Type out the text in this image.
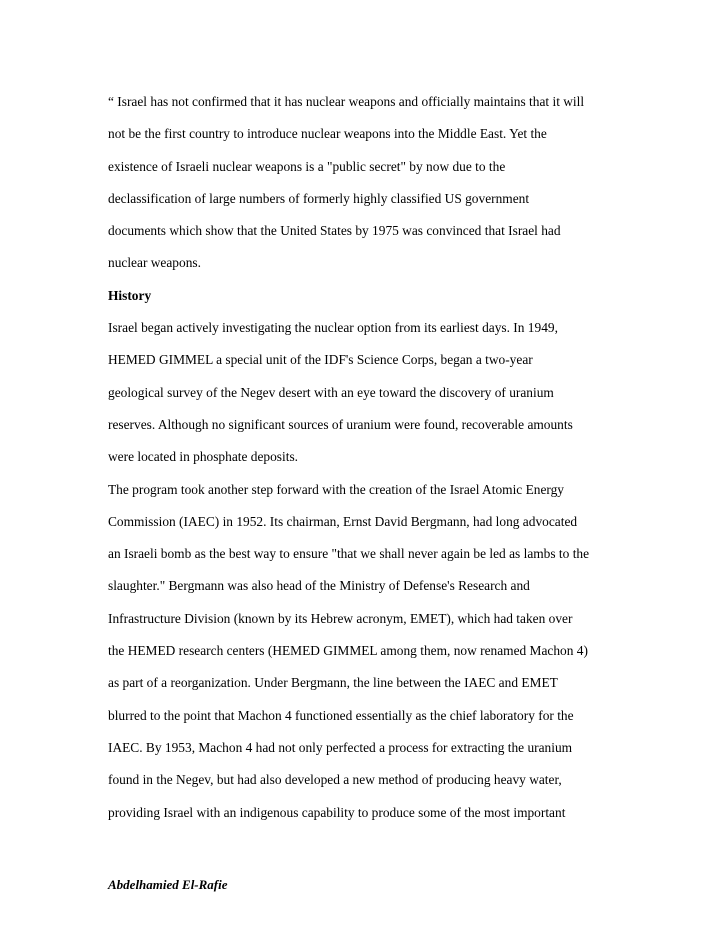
“ Israel has not confirmed that it has nuclear weapons and officially maintains that it will
not be the first country to introduce nuclear weapons into the Middle East. Yet the
existence of Israeli nuclear weapons is a "public secret" by now due to the
declassification of large numbers of formerly highly classified US government
documents which show that the United States by 1975 was convinced that Israel had
nuclear weapons.
History
Israel began actively investigating the nuclear option from its earliest days. In 1949,
HEMED GIMMEL a special unit of the IDF's Science Corps, began a two-year
geological survey of the Negev desert with an eye toward the discovery of uranium
reserves. Although no significant sources of uranium were found, recoverable amounts
were located in phosphate deposits.
The program took another step forward with the creation of the Israel Atomic Energy
Commission (IAEC) in 1952. Its chairman, Ernst David Bergmann, had long advocated
an Israeli bomb as the best way to ensure "that we shall never again be led as lambs to the
slaughter." Bergmann was also head of the Ministry of Defense's Research and
Infrastructure Division (known by its Hebrew acronym, EMET), which had taken over
the HEMED research centers (HEMED GIMMEL among them, now renamed Machon 4)
as part of a reorganization. Under Bergmann, the line between the IAEC and EMET
blurred to the point that Machon 4 functioned essentially as the chief laboratory for the
IAEC. By 1953, Machon 4 had not only perfected a process for extracting the uranium
found in the Negev, but had also developed a new method of producing heavy water,
providing Israel with an indigenous capability to produce some of the most important
Abdelhamied El-Rafie
